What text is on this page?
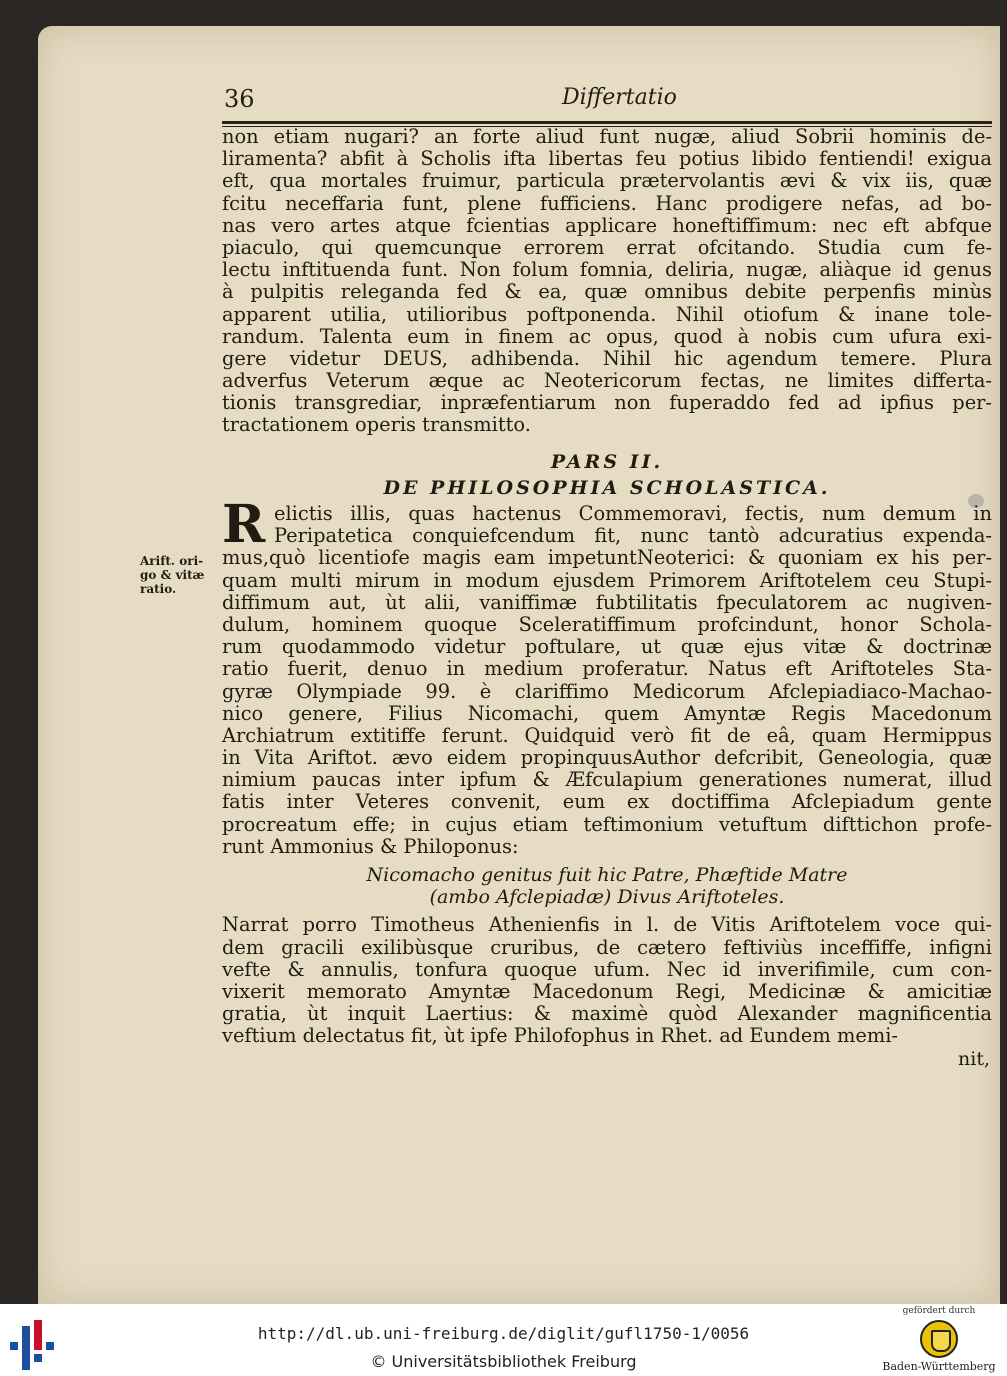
36	Differtatio
Arift. ori- go & vitæ ratio.
non etiam nugari? an forte aliud funt nugæ, aliud Sobrii hominis de-
liramenta? abfit à Scholis ifta libertas feu potius libido fentiendi! exigua
eft, qua mortales fruimur, particula prætervolantis ævi & vix iis, quæ
fcitu neceffaria funt, plene fufficiens. Hanc prodigere nefas, ad bo-
nas vero artes atque fcientias applicare honeftiffimum: nec eft abfque
piaculo, qui quemcunque errorem errat ofcitando. Studia cum fe-
lectu inftituenda funt. Non folum fomnia, deliria, nugæ, aliàque id genus
à pulpitis releganda fed & ea, quæ omnibus debite perpenfis minùs
apparent utilia, utilioribus poftponenda. Nihil otiofum & inane tole-
randum. Talenta eum in finem ac opus, quod à nobis cum ufura exi-
gere videtur DEUS, adhibenda. Nihil hic agendum temere. Plura
adverfus Veterum æque ac Neotericorum fectas, ne limites differta-
tionis transgrediar, inpræfentiarum non fuperaddo fed ad ipfius per-
tractationem operis transmitto.
PARS II.
DE PHILOSOPHIA SCHOLASTICA.
R elictis illis, quas hactenus Commemoravi, fectis, num demum in
Peripatetica conquiefcendum fit, nunc tantò adcuratius expenda-
mus,quò licentiofe magis eam impetuntNeoterici: & quoniam ex his per-
quam multi mirum in modum ejusdem Primorem Ariftotelem ceu Stupi-
diffimum aut, ùt alii, vaniffimæ fubtilitatis fpeculatorem ac nugiven-
dulum, hominem quoque Sceleratiffimum profcindunt, honor Schola-
rum quodammodo videtur poftulare, ut quæ ejus vitæ & doctrinæ
ratio fuerit, denuo in medium proferatur. Natus eft Ariftoteles Sta-
gyræ Olympiade 99. è clariffimo Medicorum Afclepiadiaco-Machao-
nico genere, Filius Nicomachi, quem Amyntæ Regis Macedonum
Archiatrum extitiffe ferunt. Quidquid verò fit de eâ, quam Hermippus
in Vita Ariftot. ævo eidem propinquusAuthor defcribit, Geneologia, quæ
nimium paucas inter ipfum & Æfculapium generationes numerat, illud
fatis inter Veteres convenit, eum ex doctiffima Afclepiadum gente
procreatum effe; in cujus etiam teftimonium vetuftum difttichon profe-
runt Ammonius & Philoponus:
Nicomacho genitus fuit hic Patre, Phæftide Matre
(ambo Afclepiadæ) Divus Ariftoteles.
Narrat porro Timotheus Athenienfis in l. de Vitis Ariftotelem voce qui-
dem gracili exilibùsque cruribus, de cætero feftiviùs inceffiffe, infigni
vefte & annulis, tonfura quoque ufum. Nec id inverifimile, cum con-
vixerit memorato Amyntæ Macedonum Regi, Medicinæ & amicitiæ
gratia, ùt inquit Laertius: & maximè quòd Alexander magnificentia
veftium delectatus fit, ùt ipfe Philofophus in Rhet. ad Eundem memi-
nit,
http://dl.ub.uni-freiburg.de/diglit/gufl1750-1/0056
© Universitätsbibliothek Freiburg
gefördert durch
Baden-Württemberg
